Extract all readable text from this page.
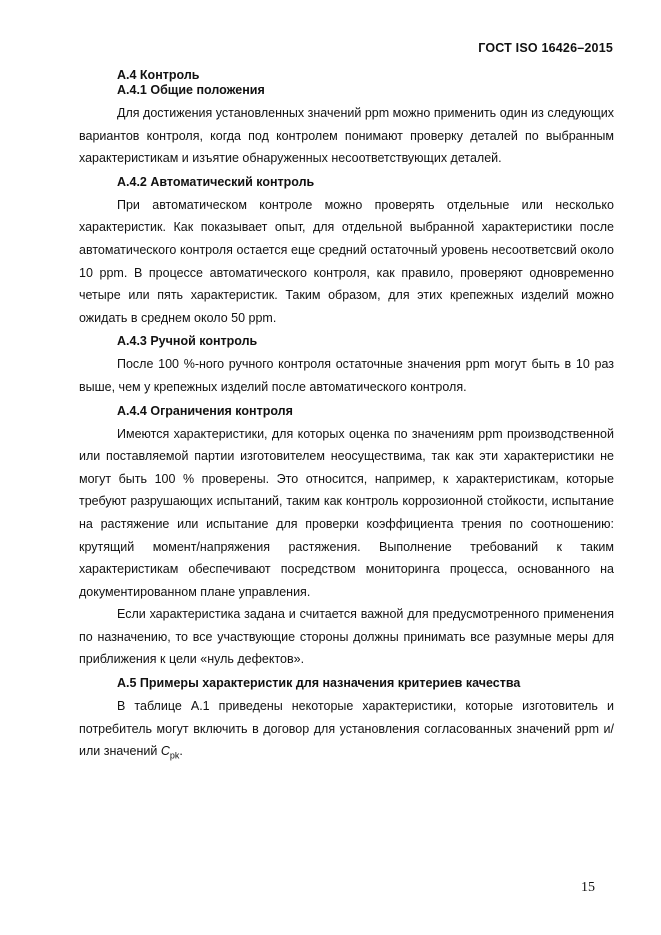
ГОСТ ISO 16426–2015
А.4 Контроль
А.4.1 Общие положения

Для достижения установленных значений ppm можно применить один из следующих вариантов контроля, когда под контролем понимают проверку деталей по выбранным характеристикам и изъятие обнаруженных несоответствующих деталей.

А.4.2 Автоматический контроль

При автоматическом контроле можно проверять отдельные или несколько характеристик. Как показывает опыт, для отдельной выбранной характеристики после автоматического контроля остается еще средний остаточный уровень несоответсвий около 10 ppm. В процессе автоматического контроля, как правило, проверяют одновременно четыре или пять характеристик. Таким образом, для этих крепежных изделий можно ожидать в среднем около 50 ppm.

А.4.3 Ручной контроль

После 100 %-ного ручного контроля остаточные значения ppm могут быть в 10 раз выше, чем у крепежных изделий после автоматического контроля.

А.4.4 Ограничения контроля

Имеются характеристики, для которых оценка по значениям ppm производственной или поставляемой партии изготовителем неосуществима, так как эти характеристики не могут быть 100 % проверены. Это относится, например, к характеристикам, которые требуют разрушающих испытаний, таким как контроль коррозионной стойкости, испытание на растяжение или испытание для проверки коэффициента трения по соотношению: крутящий момент/напряжения растяжения. Выполнение требований к таким характеристикам обеспечивают посредством мониторинга процесса, основанного на документированном плане управления.

Если характеристика задана и считается важной для предусмотренного применения по назначению, то все участвующие стороны должны принимать все разумные меры для приближения к цели «нуль дефектов».

А.5 Примеры характеристик для назначения критериев качества

В таблице А.1 приведены некоторые характеристики, которые изготовитель и потребитель могут включить в договор для установления согласованных значений ppm и/или значений $C_{pk}$.

15
